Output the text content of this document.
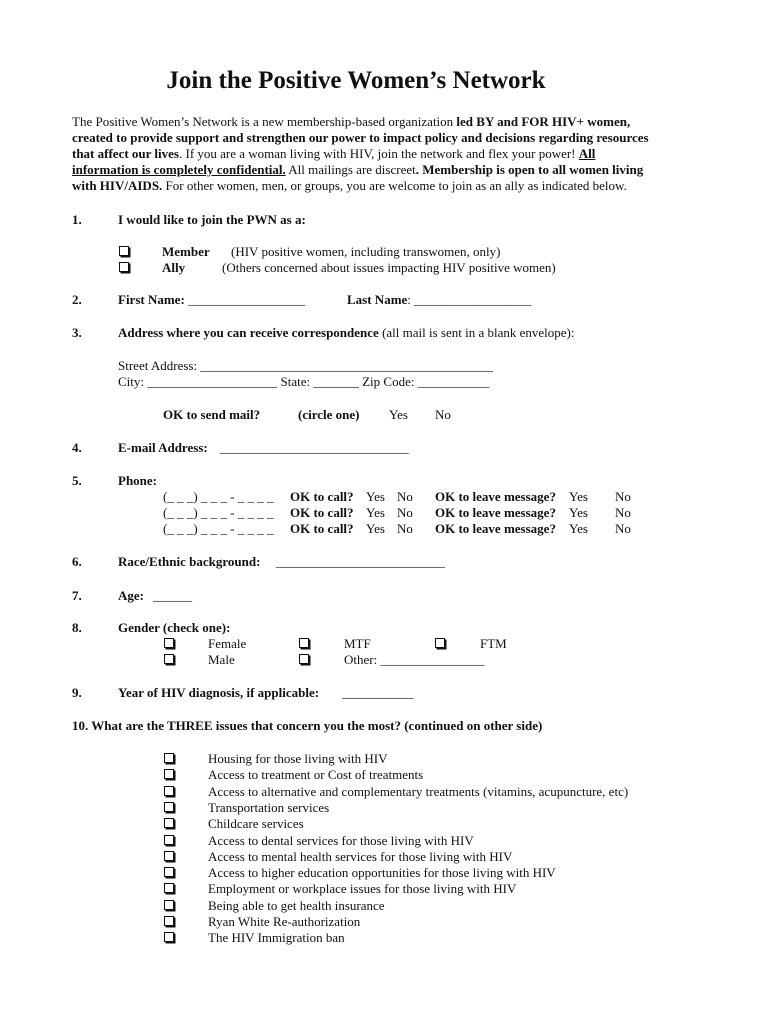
Join the Positive Women’s Network
The Positive Women’s Network is a new membership-based organization led BY and FOR HIV+ women,
created to provide support and strengthen our power to impact policy and decisions regarding resources
that affect our lives. If you are a woman living with HIV, join the network and flex your power! All
information is completely confidential. All mailings are discreet. Membership is open to all women living
with HIV/AIDS. For other women, men, or groups, you are welcome to join as an ally as indicated below.
1.	I would like to join the PWN as a:
Member (HIV positive women, including transwomen, only)
Ally	(Others concerned about issues impacting HIV positive women)
2.	First Name: __________________	Last Name: __________________
3.	Address where you can receive correspondence (all mail is sent in a blank envelope):
Street Address: _____________________________________________
City: ____________________ State: _______ Zip Code: ___________
OK to send mail?	(circle one) Yes No
4.	E-mail Address: _____________________________
5.	Phone:
(_ _ _) _ _ _ - _ _ _ _ OK to call? Yes No OK to leave message? Yes No
(_ _ _) _ _ _ - _ _ _ _ OK to call? Yes No OK to leave message? Yes No
(_ _ _) _ _ _ - _ _ _ _ OK to call? Yes No OK to leave message? Yes No
6.	Race/Ethnic background: __________________________
7.	Age: ______
8.	Gender (check one):
Female	MTF	FTM
Male	Other: ________________
9.	Year of HIV diagnosis, if applicable: ___________
10. What are the THREE issues that concern you the most? (continued on other side)
Housing for those living with HIV
Access to treatment or Cost of treatments
Access to alternative and complementary treatments (vitamins, acupuncture, etc)
Transportation services
Childcare services
Access to dental services for those living with HIV
Access to mental health services for those living with HIV
Access to higher education opportunities for those living with HIV
Employment or workplace issues for those living with HIV
Being able to get health insurance
Ryan White Re-authorization
The HIV Immigration ban
